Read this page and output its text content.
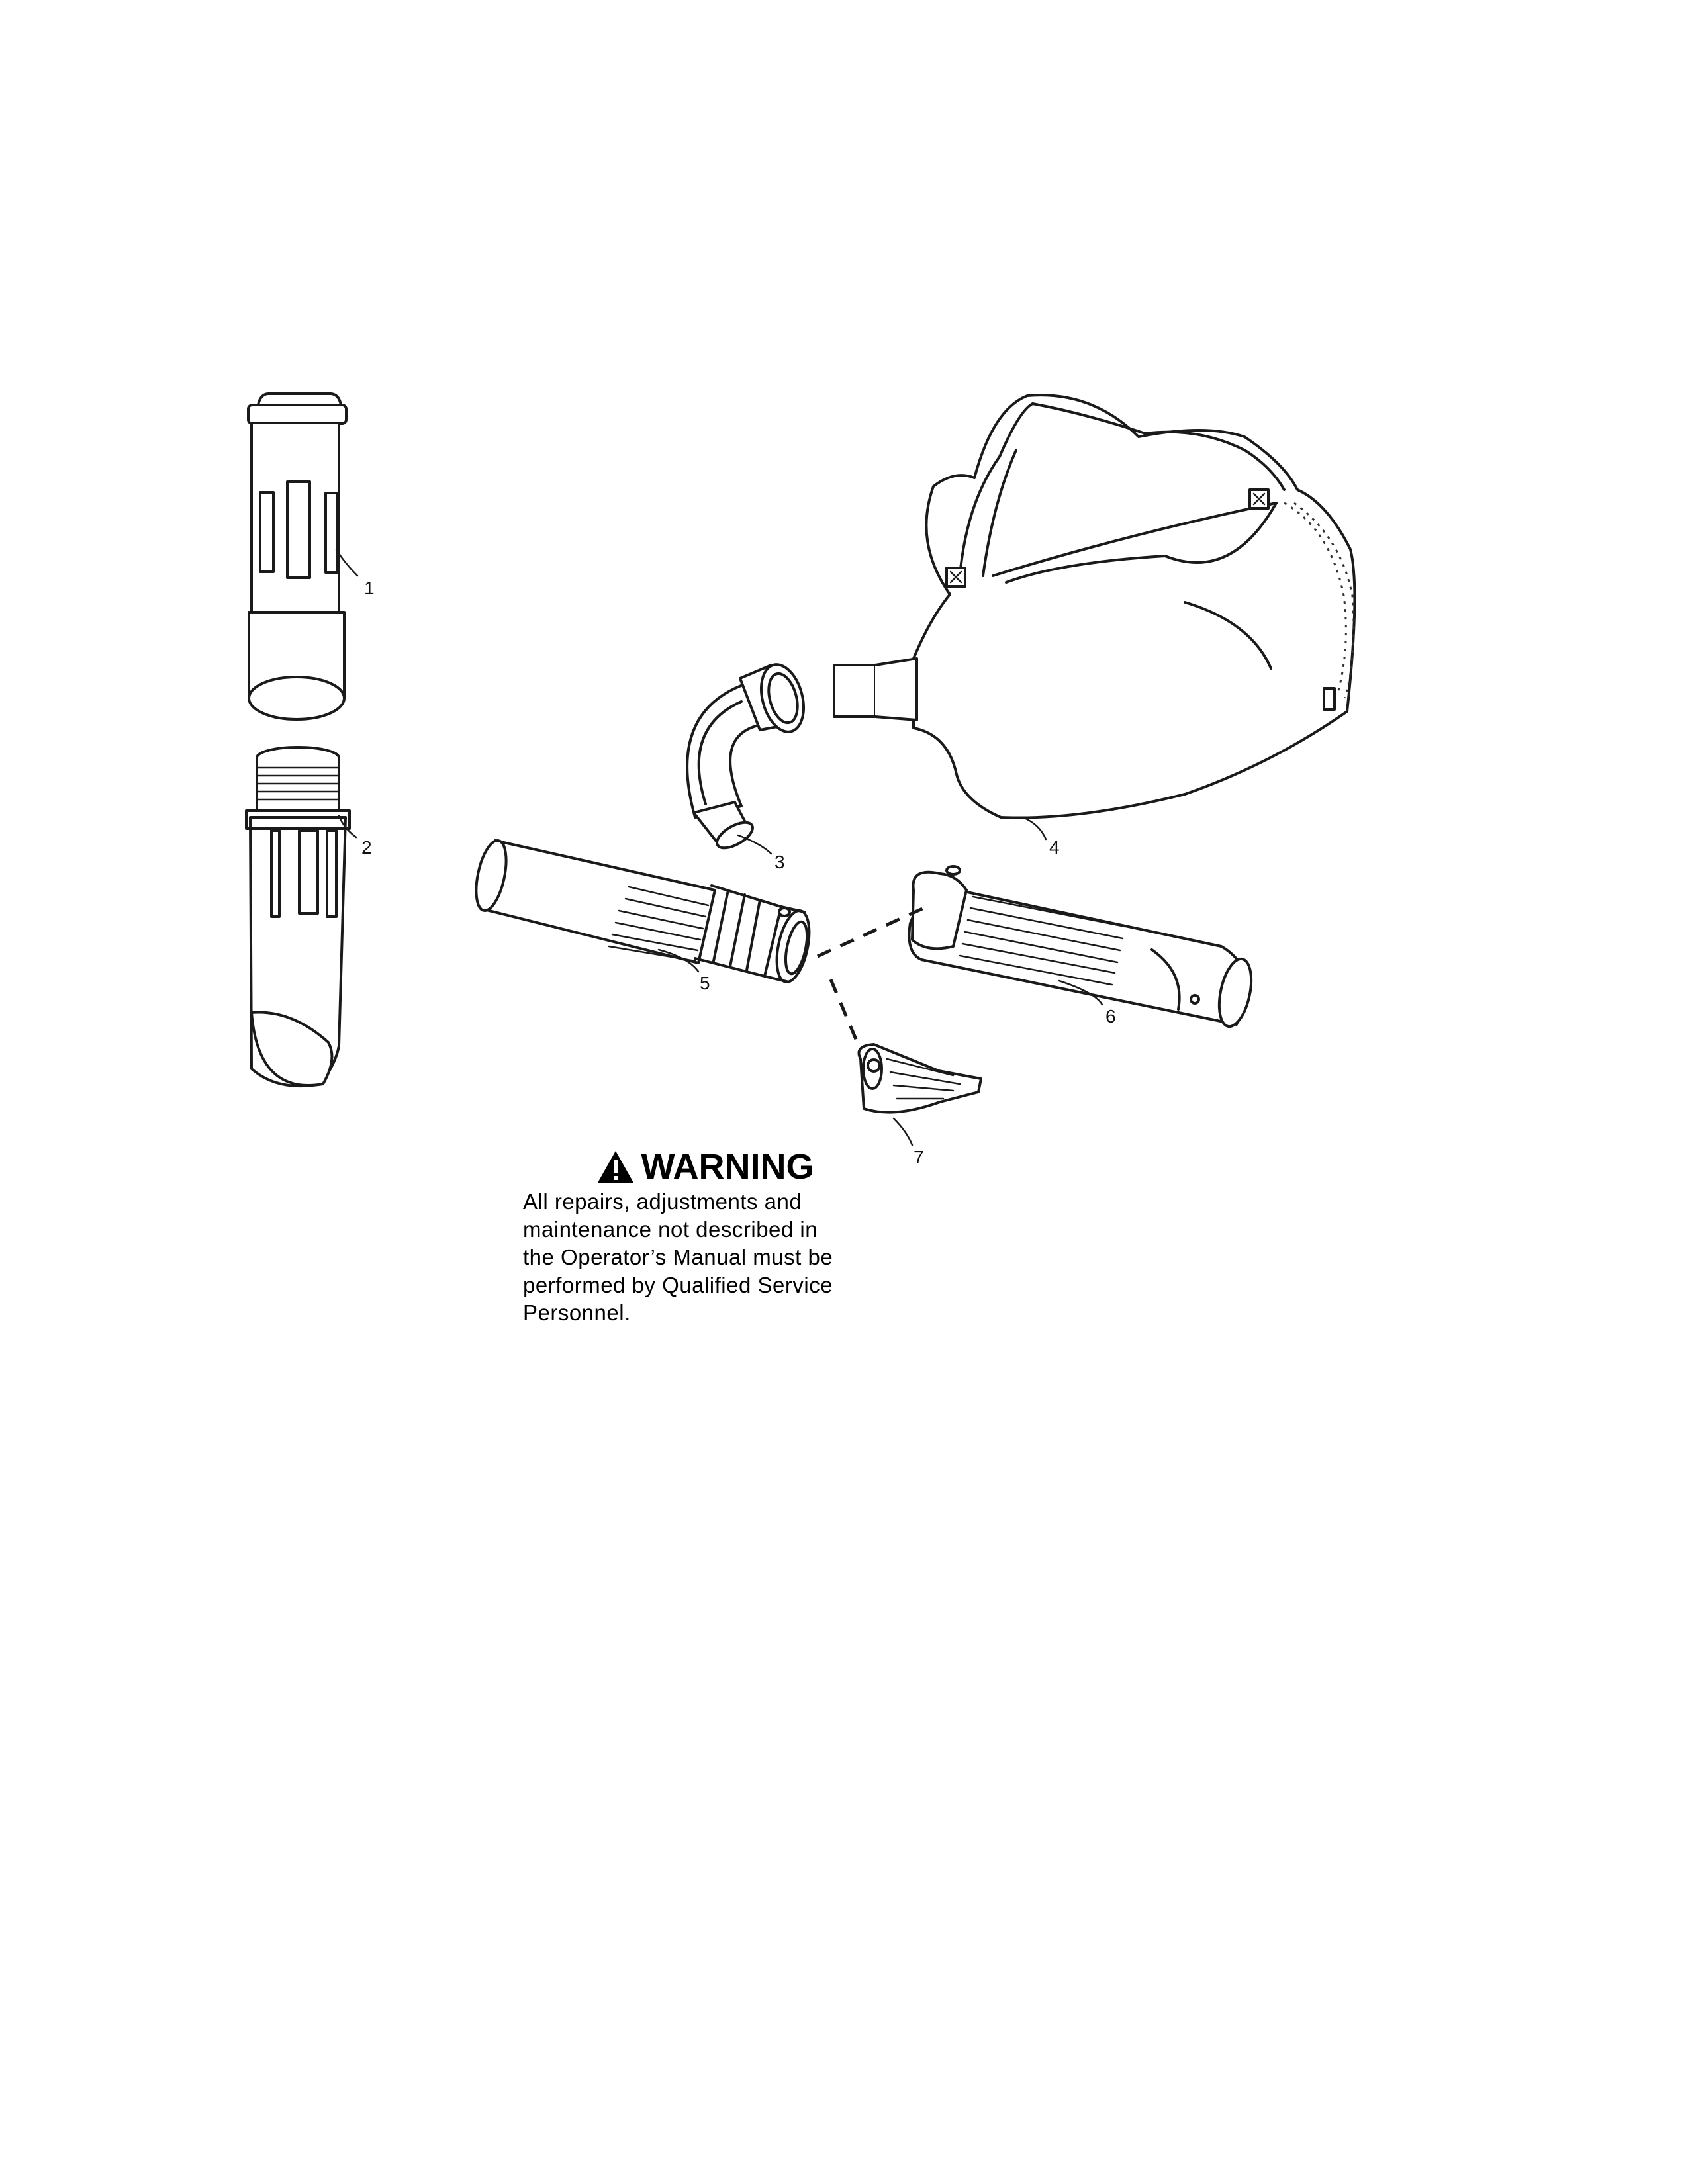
1
2
3
4
5
6
7
WARNING

All repairs, adjustments and
maintenance not described in
the Operator’s Manual must be
performed by Qualified Service
Personnel.
